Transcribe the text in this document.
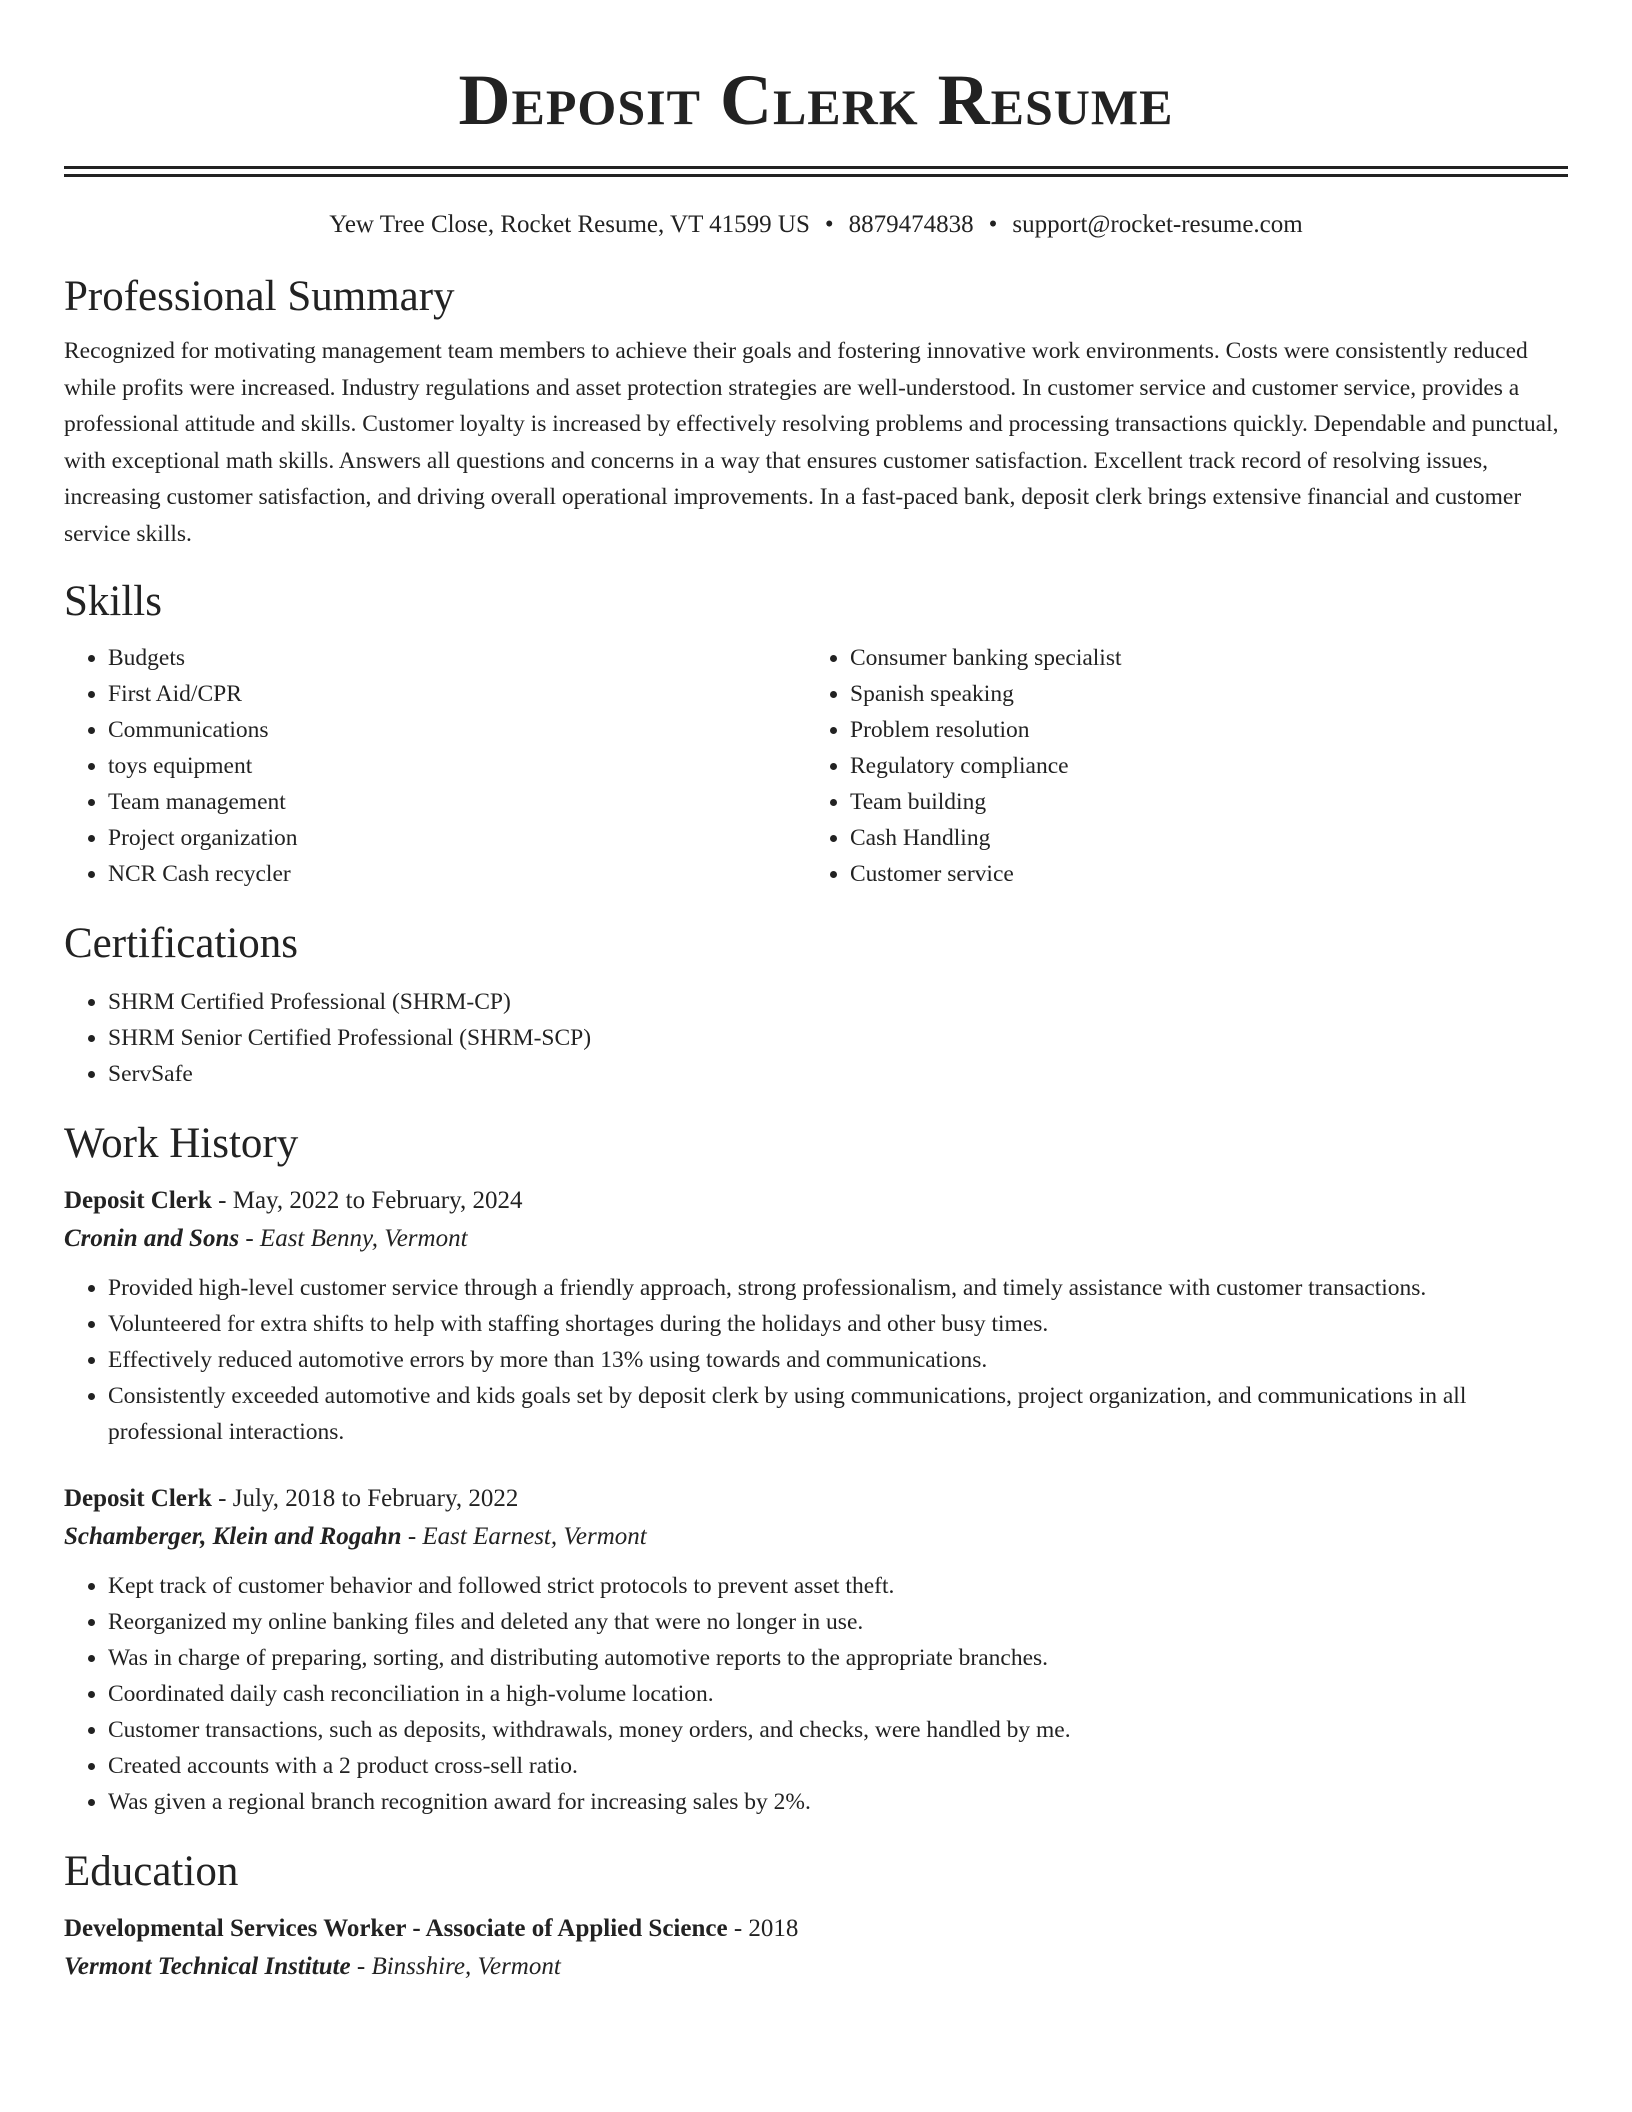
Deposit Clerk Resume
Yew Tree Close, Rocket Resume, VT 41599 US • 8879474838 • support@rocket-resume.com
Professional Summary

Recognized for motivating management team members to achieve their goals and fostering innovative work environments. Costs were consistently reduced while profits were increased. Industry regulations and asset protection strategies are well-understood. In customer service and customer service, provides a professional attitude and skills. Customer loyalty is increased by effectively resolving problems and processing transactions quickly. Dependable and punctual, with exceptional math skills. Answers all questions and concerns in a way that ensures customer satisfaction. Excellent track record of resolving issues, increasing customer satisfaction, and driving overall operational improvements. In a fast-paced bank, deposit clerk brings extensive financial and customer service skills.

Skills
• Budgets
• First Aid/CPR
• Communications
• toys equipment
• Team management
• Project organization
• NCR Cash recycler
• Consumer banking specialist
• Spanish speaking
• Problem resolution
• Regulatory compliance
• Team building
• Cash Handling
• Customer service
Certifications
• SHRM Certified Professional (SHRM-CP)
• SHRM Senior Certified Professional (SHRM-SCP)
• ServSafe
Work History
Deposit Clerk - May, 2022 to February, 2024
Cronin and Sons - East Benny, Vermont
• Provided high-level customer service through a friendly approach, strong professionalism, and timely assistance with customer transactions.
• Volunteered for extra shifts to help with staffing shortages during the holidays and other busy times.
• Effectively reduced automotive errors by more than 13% using towards and communications.
• Consistently exceeded automotive and kids goals set by deposit clerk by using communications, project organization, and communications in all professional interactions.
Deposit Clerk - July, 2018 to February, 2022
Schamberger, Klein and Rogahn - East Earnest, Vermont
• Kept track of customer behavior and followed strict protocols to prevent asset theft.
• Reorganized my online banking files and deleted any that were no longer in use.
• Was in charge of preparing, sorting, and distributing automotive reports to the appropriate branches.
• Coordinated daily cash reconciliation in a high-volume location.
• Customer transactions, such as deposits, withdrawals, money orders, and checks, were handled by me.
• Created accounts with a 2 product cross-sell ratio.
• Was given a regional branch recognition award for increasing sales by 2%.
Education
Developmental Services Worker - Associate of Applied Science - 2018
Vermont Technical Institute - Binsshire, Vermont
